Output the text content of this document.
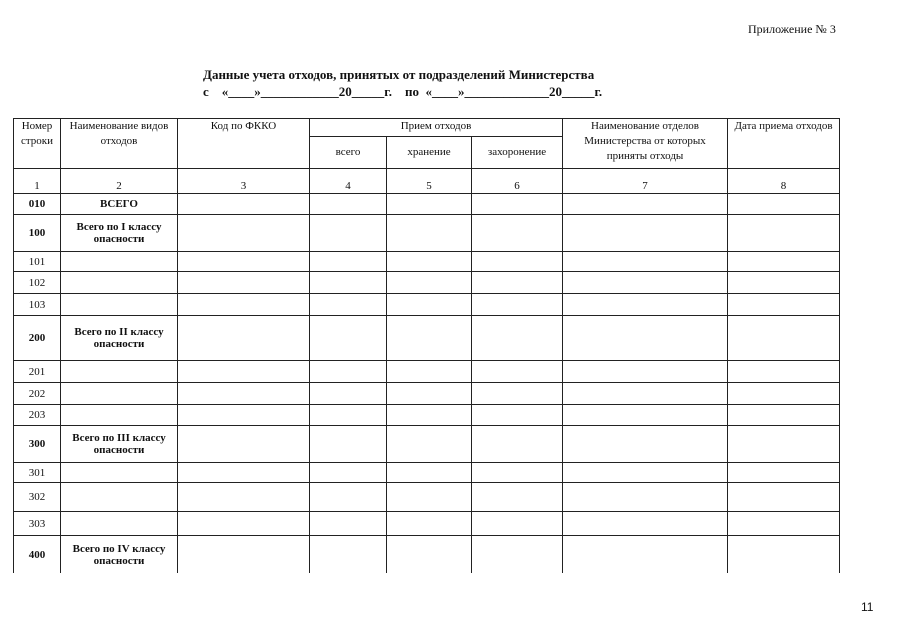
Приложение № 3
Данные учета отходов, принятых от подразделений Министерства
с    «____»____________20_____г.    по  «____»_____________20_____г.
Номер строки	Наименование видов отходов	Код по ФККО	Прием отходов			Наименование отделов Министерства от которых приняты отходы	Дата приема отходов
			всего	хранение	захоронение		
1	2	3	4	5	6	7	8
010	ВСЕГО						
100	Всего по I классу опасности						
101							
102							
103							
200	Всего по II классу опасности						
201							
202							
203							
300	Всего по III классу опасности						
301							
302							
303							
400	Всего по IV классу опасности						
11
